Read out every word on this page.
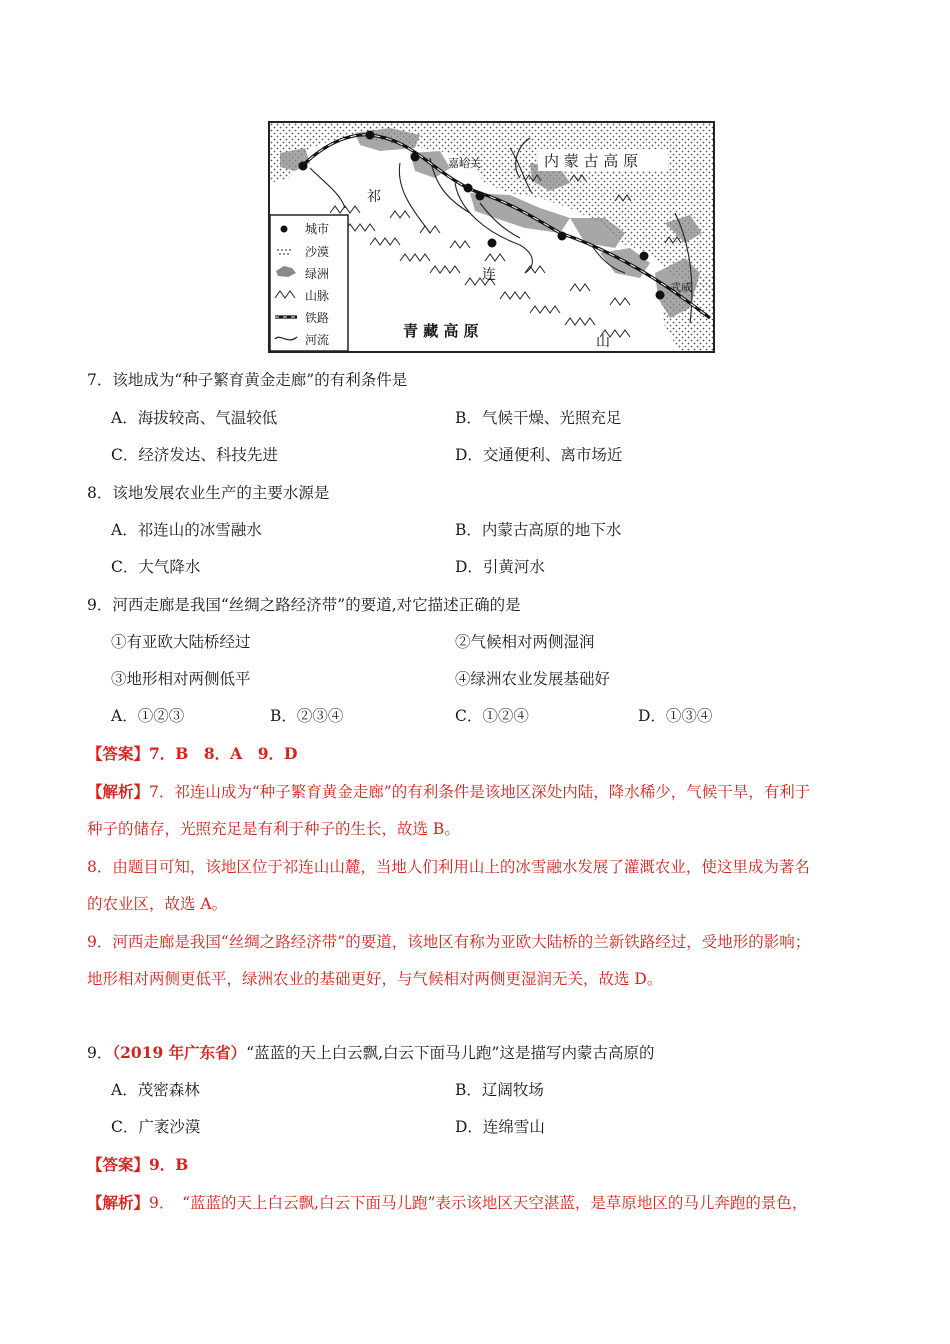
城市
沙漠
绿洲
山脉
铁路
河流
内 蒙 古 高 原
青 藏 高 原
嘉峪关
武威
祁
连
山
7．该地成为“种子繁育黄金走廊”的有利条件是
A．海拔较高、气温较低	B．气候干燥、光照充足
C．经济发达、科技先进	D．交通便利、离市场近
8．该地发展农业生产的主要水源是
A．祁连山的冰雪融水	B．内蒙古高原的地下水
C．大气降水	D．引黄河水
9．河西走廊是我国“丝绸之路经济带”的要道,对它描述正确的是
①有亚欧大陆桥经过	②气候相对两侧湿润
③地形相对两侧低平	④绿洲农业发展基础好
A．①②③	B．②③④	C．①②④	D．①③④
【答案】7．B　8．A　9．D
【解析】7．祁连山成为“种子繁育黄金走廊”的有利条件是该地区深处内陆，降水稀少，气候干旱，有利于
种子的储存，光照充足是有利于种子的生长，故选 B。
8．由题目可知，该地区位于祁连山山麓，当地人们利用山上的冰雪融水发展了灌溉农业，使这里成为著名
的农业区，故选 A。
9．河西走廊是我国“丝绸之路经济带”的要道，该地区有称为亚欧大陆桥的兰新铁路经过，受地形的影响；
地形相对两侧更低平，绿洲农业的基础更好，与气候相对两侧更湿润无关，故选 D。
9．（2019 年广东省）“蓝蓝的天上白云飘,白云下面马儿跑”这是描写内蒙古高原的
A．茂密森林	B．辽阔牧场
C．广袤沙漠	D．连绵雪山
【答案】9．B
【解析】9．　“蓝蓝的天上白云飘,白云下面马儿跑”表示该地区天空湛蓝，是草原地区的马儿奔跑的景色，
